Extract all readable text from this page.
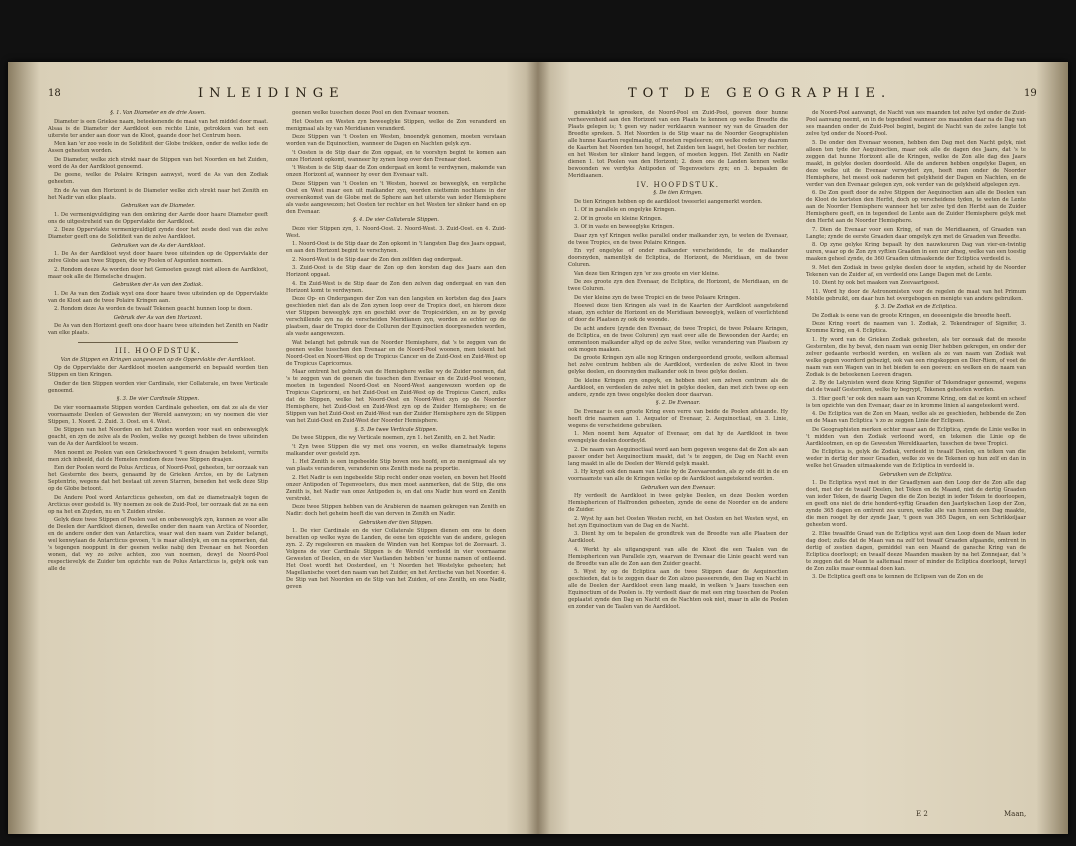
18	INLEIDINGE

§. 1. Van Diameter en de drie Assen.

Diameter is een Griekse naam, beteekenende de maat van het middel door maat. Alsaa is de Diameter der Aardkloot een rechte Linie, getrokken van het een uiterste ter ander aan door van de Kloot, gaande door het Centrum heen.

Men kan 'er zoo veele in de Soliditeit der Globe trekken, onder de welke iede de Assen geheeten worden.

De Diameter, welke zich strekt naar de Stippen van het Noorden en het Zuiden, word de As der Aardkloot genoemd.

De geene, welke de Polaire Kringen aanwyst, word de As van den Zodiak geheeten.

En de As van den Horizont is de Diameter welke zich strekt naar het Zenith en het Nadir van elke plaats.

Gebruiken van de Diameter.

1. De vermenigvuldiging van den omkring der Aarde door haare Diameter geeft ons de uitgestreheid van de Oppervlakte der Aardkloot.

2. Deze Oppervlakte vermenigvuldigd zynde door het zesde deel van die zelve Diameter geeft ons de Soliditeit van de zelve Aardkloot.

Gebruiken van de As der Aardkloot.

1. De As der Aardkloot wyst door haare twee uiteinden op de Oppervlakte der zelve Globe aan twee Stippen, die wy Poolen of Aspunten noemen.

2. Rondom deeze As worden door het Gemoeten gezegt niet alleen de Aardkloot, maar ook alle de Hemelsche draajen.

Gebruiken der As van den Zodiak.

1. De As van den Zodiak wyst ons door haare twee uiteinden op de Oppervlakte van de Kloot aan de twee Polaire Kringen aan.

2. Rondom deze As worden de twaalf Tekenen geacht hunnen loop te doen.

Gebruik der As van den Horizont.

De As van den Horizont geeft ons door haare twee uiteinden het Zenith en Nadir van elke plaats.

III. HOOFDSTUK.

Van de Stippen en Kringen aangewezen op de Oppervlakte der Aardkloot.

Op de Oppervlakte der Aardkloot moeten aangemerkt en bepaald worden tien Stippen en tien Kringen.

Onder de tien Stippen worden vier Cardinale, vier Collaterale, en twee Verticale genoemd.

§. 3. De vier Cardinale Stippen.

De vier voornaamste Stippen worden Cardinale geheeten, om dat ze als de vier voornaamste Deelen of Gewesten der Wereld aanwyzen; en wy noemen die vier Stippen, 1. Noord. 2. Zuid. 3. Oost. en 4. West.

De Stippen van het Noorden en het Zuiden worden voor vast en onbeweeglyk geacht, en zyn de zelve als de Poolen, welke wy gezegt hebben de twee uiteinden van de As der Aardkloot te wezen.

Men noemt ze Poolen van een Griekschwoord 't geen draajen betekent, vermits men zich inbeeld, dat de Hemelen rondom deze twee Stippen draajen.

Een der Poolen word de Polus Arcticus, of Noord-Pool, geheeten, ter oorzaak van het Gesternte des beers, genaamd by de Grieken Arctos, en by de Latynen Septentrio, wegens dat het bestaat uit zeven Starren, beneden het welk deze Stip op de Globe betoont.

De Andere Pool word Antarcticus geheeten, om dat ze diametraalyk tegen de Arcticus over gesteld is. Wy noemen ze ook de Zuid-Pool, ter oorzaak dat ze na een op na het en Zuyden, nu en 't Zuiden streke.

Gelyk deze twee Stippen of Poolen vast en onbeweeglyk zyn, kunnen ze voor alle de Deelen der Aardkloot dienen, dewelke onder den naam van Arctica of Noorder, en de andere onder den van Antarctica, waar wat den naam van Zuider belangt, wel kenwylaan de Antarcticus gevoen, 't is maar allenlyk, en om na opmerken, dat 's tegengen nooppunt in der geenen welke nabij den Evenaar en het Noorden wonen, dat wy zo zelve achten, zoo van noemen, dewyl de Noord-Pool respectievelyk de Zuider ten opzichte van de Polus Antarcticus is, gelyk ook van alle de

geenen welke tusschen deeze Pool en den Evenaar woonen.

Het Oosten en Westen zyn beweeglyke Stippen, welke de Zon veranderd en menigmaal als by van Meridianen veranderd.

Deze Stippen van 't Oosten en Westen, bnoendyk genomen, moeten verstaan worden van de Equinoctien, wanneer de Dagen en Nachten gelyk zyn.

't Oosten is de Stip daar de Zon opgaat, en te voorshyn begint te komen aan onze Horizont opkomt, wanneer hy zynen loop over den Evenaar doet.

't Westen is de Stip daar de Zon ondergaat en komt te verdwynen, makende van onzen Horizont af, wanneer hy over den Evenaar valt.

Deze Stippen van 't Oosten en 't Westen, hoewel ze beweeglyk, en verpliche Oost en West maar een uit malkander zyn, worden niettemin nochtans in der overeenkomst van de Globe met de Sphere aan het uiterste van ieder Hemisphere als vaste aangewezen; het Oosten ter rechter en het Westen ter slinker hand en op den Evenaar.

§. 4. De vier Collaterale Stippen.

Deze vier Stippen zyn, 1. Noord-Oost. 2. Noord-West. 3. Zuid-Oost. en 4. Zuid-West.

1. Noord-Oost is de Stip daar de Zon opkomt in 't langsten Dag des Jaars opgaat, en aan den Horizont begint te verschynen.

2. Noord-West is de Stip daar de Zon den zelfden dag ondergaat.

3. Zuid-Oost is de Stip daar de Zon op den korsten dag des Jaars aan den Horizont opgaat.

4. En Zuid-West is de Stip daar de Zon den zelven dag ondergaat en van den Horizont komt te verdwynen.

Deze Op- en Ondergangen der Zon van den langsten en kortsten dag des Jaars geschieden niet dan als de Zon zynen loop over de Tropics doet, en hierom deze vier Stippen beweeglyk zyn en geschikt over de Tropicsirklen, en ze by gevolg verschillende zyn na de verscheiden Meridianen zyn, worden ze echter op de plaatsen, daar de Tropici door de Colluren der Equinoctien doorgesneden worden, als vaste aangewezen.

Wat belangt het gebruik van de Noorder Hemisphere, dat 's te zeggen van de geenen welke tusschen den Evenaar en de Noord-Pool woonen, men tekent het Noord-Oost en Noord-West op de Tropicus Cancer en de Zuid-Oost en Zuid-West op de Tropicus Capricornus.

Maar omtrent het gebruik van de Hemisphere welke wy de Zuider noemen, dat 's te zeggen van de geenen die tusschen den Evenaar en de Zuid-Pool woonen, moeten in tegendeel Noord-Oost en Noord-West aangewezen worden op de Tropicus Capricorni, en het Zuid-Oost en Zuid-West op de Tropicus Cancri, zulks dat de Stippen, welke het Noord-Oost en Noord-West zyn op de Noorder Hemisphere, het Zuid-Oost en Zuid-West zyn op de Zuider Hemisphere; en de Stippen van het Zuid-Oost en Zuid-West van der Zuider Hemisphere zyn de Stippen van het Zuid-Oost en Zuid-West der Noorder Hemisphere.

§. 5. De twee Verticale Stippen.

De twee Stippen, die wy Verticale noemen, zyn 1. het Zenith, en 2. het Nadir.

't Zyn twee Stippen die wy met ons voeren, en welke diametraalyk tegens malkander over gesteld zyn.

1. Het Zenith is een ingebeelde Stip boven ons hoofd, en zo menigmaal als wy van plaats veranderen, veranderen ons Zenith mede na proportie.

2. Het Nadir is een ingebeelde Stip recht onder onze voeten, en boven het Hoofd onzer Antipoden of Tegenvoeters, dus men moet aanmerken, dat de Stip, die ons Zenith is, het Nadir van onze Antipoden is, en dat ons Nadir hun word en Zenith verstrekt.

Deze twee Stippen hebben van de Arabieren de naamen gekregen van Zenith en Nadir: doch het geheim heeft die van derven in Zenith en Nadir.

Gebruiken der tien Stippen.

1. De vier Cardinale en de vier Collaterale Stippen dienen om ons te doen bevatten op welke wyze de Landen, de eene ten opzichte van de andere, gelegen zyn. 2. Zy regeleeren en maaken de Winden van het Kompas tot de Zeevaart. 3. Volgens de vier Cardinale Stippen is de Wereld verdeeld in vier voornaame Gewesten of Deelen, en de vier Vastlanden hebben 'er hunne namen of ontleend. Het Oost wordt het Oosterdeel, en 't Noorden het Westelyke geheeten; het Magellanische voort den naam van het Zuider, en het Arctische van het Noorder. 4. De Stip van het Noorden en de Stip van het Zuiden, of ons Zenith, en ons Nadir, geven

TOT DE GEOGRAPHIE.	19

gemakkelyk te spreeken, de Noord-Pool en Zuid-Pool, geeven door hunne verheevenheid aan den Horizont van een Plaats te kennen op welke Breedte die Plaats gelegen is; 't geen wy nader verklaaren wanneer wy van de Graaden der Breedte spreken. 5. Het Noorden is de Stip waar na de Noorder Geographisten alle hunne Kaarten regelmaatig, of moeten regeleeren; om welke reden wy daarom de Kaarten het Noorden ten hoogst, het Zuiden ten laagst, het Oosten ter rechter, en het Westen ter slinker hand leggen, of moeten leggen. Het Zenith en Nadir dienen 1. tot Poolen van den Horizont; 2. doen ons de Landen kennen welke bewoonden we verdyks Antipoden of Tegenvoeters zyn; en 3. bepaalen de Meridiaanen.

IV. HOOFDSTUK.

§. De tien Kringen.

De tien Kringen hebben op de aardkloot tweeerlei aangemerkt worden.

1. Of in parallele en ongelyke Kringen.

2. Of in groote en kleine Kringen.

3. Of in vaste en beweeglyke Kringen.

Daar zyn vyf Kringen welke parallel onder malkander zyn, te weten de Evenaar, de twee Tropics, en de twee Polaire Kringen.

En vyf ongelyke of onder malkander verscheidende, te de malkander doorsnyden, namentlyk de Ecliptica, de Horizont, de Meridiaan, en de twee Coluren.

Van deze tien Kringen zyn 'er zes groote en vier kleine.

De zes groote zyn den Evenaar, de Ecliptica, de Horizont, de Meridiaan, en de twee Coluren.

De vier kleine zyn de twee Tropici en de twee Polaare Kringen.

Hoewel deze tien Kringen als vast in de Kaarten der Aardkloot aangetekend staan, zyn echter de Horizont en de Meridiaan beweeglyk, welken of veerlichtend of door de Plaatsen zy ook de woonde.

De acht andere (zynde den Evenaar, de twee Tropici, de twee Polaare Kringen, de Ecliptica, en de twee Coluren) zyn vast over alle de Bewoonden der Aarde; en ommentoon malkander altyd op de zelve Stee, welke verandering van Plaatsen zy ook mogen maaken.

De groote Kringen zyn alle nog Kringen ondergeordend groote, welken altemaal het zelve centrum hebben als de Aardkloot, verdeelen de zelve Kloot in twee gelyke deelen, en doorsnyden malkander ook in twee gelyke deelen.

De kleine Kringen zyn ongeyk, en hebben niet een zelven centrum als de Aardkloot, en verdeelen de zelve niet in gelyke deelen, dan met zich twee op een andere, zynde zyn twee ongelyke deelen door daarvan.

§. 2. De Evenaar.

De Evenaar is een groote Kring even verre van beide de Poolen afstaande. Hy heeft drie naamen aan 1. Aequator of Evenaar, 2. Aequinoctiaal, en 3. Linie, wegens de verscheidene gebruiken.

1. Men noemt hem Aquator of Evenaar, om dat hy de Aardkloot in twee evengelyke deelen doordeyld.

2. De naam van Aequinoctiaal word aan hem gegeven wegens dat de Zon als aan passer onder het Aequinoctium maakt, dat 's te zeggen, de Dag en Nacht even lang maakt in alle de Deelen der Wereld gelyk maakt.

3. Hy krygt ook den naam van Linie by de Zeevaarenden, als zy ode dit in de en voornaamste van alle de Kringen welke op de Aardkloot aangetekend worden.

Gebruiken van den Evenaar.

Hy verdeelt de Aardkloot in twee gelyke Deelen, en deze Deelen worden Hemisphericen of Halfronden geheeten, zynde de eene de Noorder en de andere de Zuider.

2. Wyst hy aan het Oosten Westen recht, en het Oosten en het Westen wyst, en het zyn Equinoctium van de Dag en de Nacht.

3. Dient hy om te bepalen de grondtrek van de Breedte van alle Plaatsen der Aardkloot.

4. Werkt hy als uitgangspunt van alle de Kloot die een Taalen van de Hemisphericen van Parallele zyn, waarvan de Evenaar die Linie geacht werd van de Breedte van alle de Zon aan den Zuider geacht.

5. Wyst hy op de Ecliptica aan de twee Stippen daar de Aequinoctien geschieden, dat is te zeggen daar de Zon alzoo passeerende, den Dag en Nacht in alle de Deelen der Aardkloot even lang maakt, in welken 's Jaars tusschen een Equinoctium of de Poolen is. Hy verdeelt daar de met een ring tusschen de Poolen geplaatst zynde den Dag en Nacht en de Nachten ook niet, maar in alle de Poolen en zonder van de Taalen van de Aardkloot.

de Noord-Pool aanvangt, de Nacht van ses maanden tot zelve tyd onder de Zuid-Pool aanvang neemt, en in de tegendeel wanneer zes maanden daar na de Dag van ses maanden onder de Zuid-Pool begint, begint de Nacht van de zelve langte tot zelve tyd onder de Noord-Pool.

5. De onder den Evenaar woonen, hebben den Dag met den Nacht gelyk, niet alleen ten tyde der Aequinoctien, maar ook alle de dagen des Jaars, dat 's te zeggen dat hunne Horizont alle de Kringen, welke de Zon alle dag des Jaars maakt, in gelyke deelen doordeeld. Alle de anderen hebben ongelyke Dagen, en deze welke uit de Evenaar verwydert zyn, heeft men onder de Noorder Hemisphere, het meest ook naderen het gelykheid der Dagen en Nachten, en de verder van den Evenaar gelegen zyn, ook verder van de gelykheid afgelegen zyn.

6. De Zon geeft door de zelve Stippen der Aequinoctien aan alle de Deelen van de Kloot de kortsten den Herfst, doch op verscheidene tyden, te weten de Lente aan de Noorder Hemisphere wanneer het ter zelve tyd den Herfst aan de Zuider Hemisphere geeft, en in tegendeel de Lente aan de Zuider Hemisphere gelyk met den Herfst aan de Noorder Hemisphere.

7. Dien de Evenaar voor een Kring, of van de Meridiaanen, of Graaden van Langte; zynde de eerste Graaden daar omgelyk zyn met de Graaden van Breedte.

8. Op zyne gelyke Kring bepaalt hy den nauwkeuren Dag van vier-en-twintig uuren, waar op de Zon zyn vyftien Graaden in een uur afneg, welke van een toestig maaken geheel zynde, de 360 Graaden uitmaakende der Ecliptica verdeeld is.

9. Met den Zodiak in twee gelyke deelen door te snyden, scheid hy de Noorder Tekenen van de Zuider af, en verdeeld ons Lange Dagen met de Lente.

10. Dient hy ook bet maaken van Zeevaartgeest.

11. Word hy door de Astronomisten voor de regelen de maat van het Primum Mobile gebruikt, om daar hun het overgebogen en menigte van andere gebruiken.

§. 3. De Zodiak en de Ecliptica.

De Zodiak is eene van de groote Kringen, en deeeenigste die breedte heeft.

Deze Kring voert de naamen van 1. Zodiak, 2. Tekendrager of Signifer, 3. Kromme Kring, en 4. Ecliptica.

1. Hy word van de Grieken Zodiak geheeten, als ter oorzaak dat de meeste Gesternten, die hy bevat, den naam van eenig Dier hebben gekregen, en onder der zelver gedaante verbeeld werden, en welken als ze van naam van Zodiak wat welke gegen voorderd gebezigt, ook van een ringskoppen en Dier-Riem, of voet de naam van een Wagen van in het bieden te een geeven: en welken en de naam van Zodiak is de beteekenen Leeven dragen.

2. By de Latynisten werd deze Kring Signifer of Tekendrager genoemd, wegens dat de twaalf Gesternten, welke hy begrypt, Tekenen geheeten worden.

3. Hier geeft 'er ook den naam aan van Kromme Kring, om dat ze komt en scheef is ten opzichte van den Evenaar, daar ze in kromme linien al aangeteekent werd.

4. De Ecliptica van de Zon en Maan, welke als ze geschieden, hebbende de Zon en de Maan van Ecliptica 's zo ze zeggen Linie der Eclipsen.

De Geographisten merken echter maar aan de Ecliptica, zynde de Linie welke in 't midden van den Zodiak verloond word, en tekenen die Linie op de Aardklootmen, en op de Gewesten Wereldkaarten, tusschen de twee Tropici.

De Ecliptica is, gelyk de Zodiak, verdeeld in twaalf Deelen, en telken van die weder in dertig der meer Graaden, welke zo we de Tekenen op hun zelf en dan in welke het Graaden uitmaakende van de Ecliptica in verdeeld is.

Gebruiken van de Ecliptica.

1. De Ecliptica wyst met in der Graadlynen aan den Loop der de Zon alle dag doet, met der de twaalf Deelen, het Teken en de Maand, niet de dertig Graaden van ieder Teken, de daarig Dagen die de Zon bezigt in ieder Teken te doorloopen, en geeft ons niet de drie honderd-vyftig Graaden den Jaarlykschen Loop der Zon, zynde 365 dagen en omtrent zes uuren, welke alle van hunnen een Dag maakte, die men rooget by der zynde Jaar, 't geen van 365 Dagen, en een Schrikkeljaar geheeten word.

2. Elke twaalfde Graad van de Ecliptica wyst aan den Loop doen de Maan ieder dag doet; zulks dat de Maan van na zelf tot twaalf Graaden afgaande, omtrent in dertig of zestien dagen, gemiddel van een Maand de gansche Kring van de Ecliptica doorloopt; en twaalf deeze Maanden maaken by na het Zonnejaar, dat 's te zeggen dat de Maan te aaltemaal meer of minder de Ecliptica doorloopt, terwyl de Zon zulks maar eenmaal doen kan.

3. De Ecliptica geeft ons te kennen de Eclipsen van de Zon en de

E 2	Maan,
